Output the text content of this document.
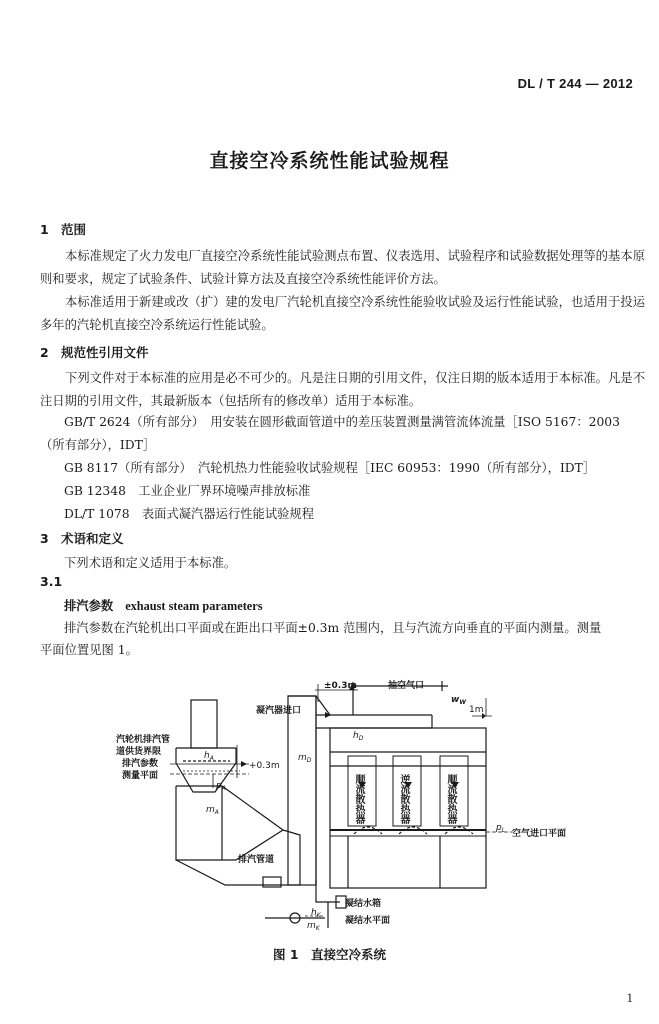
DL / T 244 — 2012
直接空冷系统性能试验规程
1 范围
本标准规定了火力发电厂直接空冷系统性能试验测点布置、仪表选用、试验程序和试验数据处理等的基本原则和要求，规定了试验条件、试验计算方法及直接空冷系统性能评价方法。
本标准适用于新建或改（扩）建的发电厂汽轮机直接空冷系统性能验收试验及运行性能试验，也适用于投运多年的汽轮机直接空冷系统运行性能试验。
2 规范性引用文件
下列文件对于本标准的应用是必不可少的。凡是注日期的引用文件，仅注日期的版本适用于本标准。凡是不注日期的引用文件，其最新版本（包括所有的修改单）适用于本标准。
GB/T 2624（所有部分）　用安装在圆形截面管道中的差压装置测量满管流体流量［ISO 5167：2003
（所有部分），IDT］
GB 8117（所有部分）　汽轮机热力性能验收试验规程［IEC 60953：1990（所有部分），IDT］
GB 12348　工业企业厂界环境噪声排放标准
DL/T 1078　表面式凝汽器运行性能试验规程
3 术语和定义
下列术语和定义适用于本标准。
3.1
排汽参数 exhaust steam parameters
排汽参数在汽轮机出口平面或在距出口平面±0.3m 范围内，且与汽流方向垂直的平面内测量。测量
平面位置见图 1。
±0.3m	抽空气口
凝汽器进口
$w_W$
1m
汽轮机排汽管
道供货界限
排汽参数
测量平面
$h_A$
$p_A$
$m_A$
+0.3m
$m_D$
$h_D$
$p_L$ 空气进口平面
排汽管道
$h_K$
$m_K$
凝结水箱
凝结水平面
顺流散热器	逆流散热器	顺流散热器
图 1　直接空冷系统
1
